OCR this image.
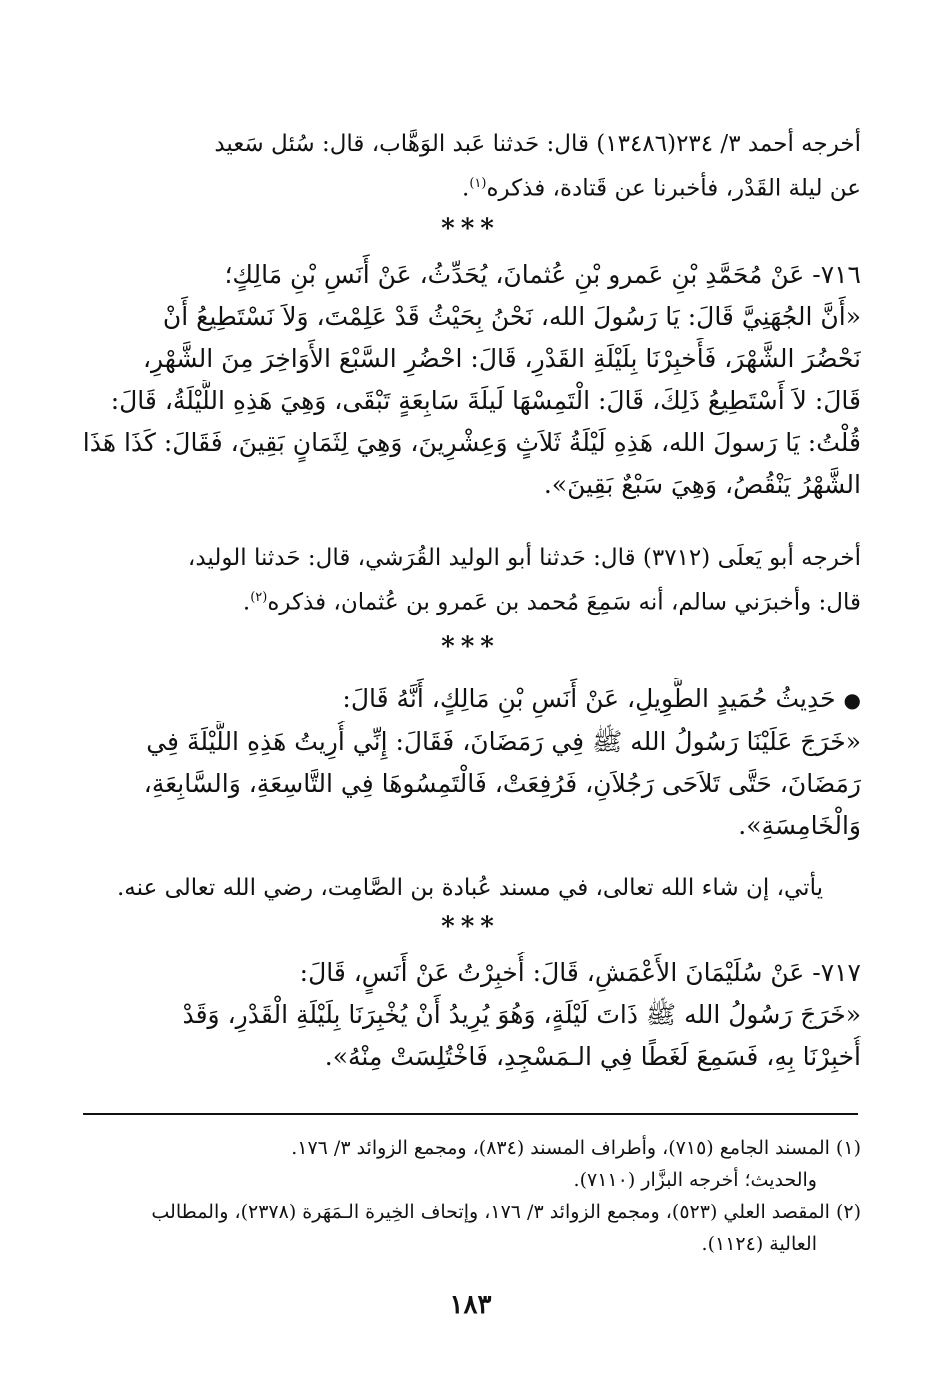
أخرجه أحمد ٣/ ٢٣٤(١٣٤٨٦) قال: حَدثنا عَبد الوَهَّاب، قال: سُئل سَعيد
عن ليلة القَدْر، فأخبرنا عن قَتادة، فذكره$^{(١)}$.
***
٧١٦- عَنْ مُحَمَّدِ بْنِ عَمرو بْنِ عُثمانَ، يُحَدِّثُ، عَنْ أَنَسِ بْنِ مَالِكٍ؛
«أَنَّ الجُهَنِيَّ قَالَ: يَا رَسُولَ الله، نَحْنُ بِحَيْثُ قَدْ عَلِمْتَ، وَلاَ نَسْتَطِيعُ أَنْ
نَحْضُرَ الشَّهْرَ، فَأَخبِرْنَا بِلَيْلَةِ القَدْرِ، قَالَ: احْضُرِ السَّبْعَ الأَوَاخِرَ مِنَ الشَّهْرِ،
قَالَ: لاَ أَسْتَطِيعُ ذَلِكَ، قَالَ: الْتَمِسْهَا لَيلَةَ سَابِعَةٍ تَبْقَى، وَهِيَ هَذِهِ اللَّيْلَةُ، قَالَ:
قُلْتُ: يَا رَسولَ الله، هَذِهِ لَيْلَةُ ثَلاَثٍ وَعِشْرِينَ، وَهِيَ لِثَمَانٍ بَقِينَ، فَقَالَ: كَذَا هَذَا
الشَّهْرُ يَنْقُصُ، وَهِيَ سَبْعٌ بَقِينَ».
أخرجه أبو يَعلَى (٣٧١٢) قال: حَدثنا أبو الوليد القُرَشي، قال: حَدثنا الوليد،
قال: وأخبرَني سالم، أنه سَمِعَ مُحمد بن عَمرو بن عُثمان، فذكره$^{(٢)}$.
***
●حَدِيثُ حُمَيدٍ الطَّوِيلِ، عَنْ أَنَسِ بْنِ مَالِكٍ، أَنَّهُ قَالَ:
«خَرَجَ عَلَيْنَا رَسُولُ الله ﷺ فِي رَمَضَانَ، فَقَالَ: إِنِّي أُرِيتُ هَذِهِ اللَّيْلَةَ فِي
رَمَضَانَ، حَتَّى تَلاَحَى رَجُلاَنِ، فَرُفِعَتْ، فَالْتَمِسُوهَا فِي التَّاسِعَةِ، وَالسَّابِعَةِ،
وَالْخَامِسَةِ».
يأتي، إن شاء الله تعالى، في مسند عُبادة بن الصَّامِت، رضي الله تعالى عنه.
***
٧١٧- عَنْ سُلَيْمَانَ الأَعْمَشِ، قَالَ: أُخبِرْتُ عَنْ أَنَسٍ، قَالَ:
«خَرَجَ رَسُولُ الله ﷺ ذَاتَ لَيْلَةٍ، وَهُوَ يُرِيدُ أَنْ يُخْبِرَنَا بِلَيْلَةِ الْقَدْرِ، وَقَدْ
أُخبِرْنَا بِهِ، فَسَمِعَ لَغَطًا فِي الـمَسْجِدِ، فَاخْتُلِسَتْ مِنْهُ».
(١) المسند الجامع (٧١٥)، وأطراف المسند (٨٣٤)، ومجمع الزوائد ٣/ ١٧٦.
والحديث؛ أخرجه البزَّار (٧١١٠).
(٢) المقصد العلي (٥٢٣)، ومجمع الزوائد ٣/ ١٧٦، وإتحاف الخِيرة الـمَهَرة (٢٣٧٨)، والمطالب
العالية (١١٢٤).
١٨٣
